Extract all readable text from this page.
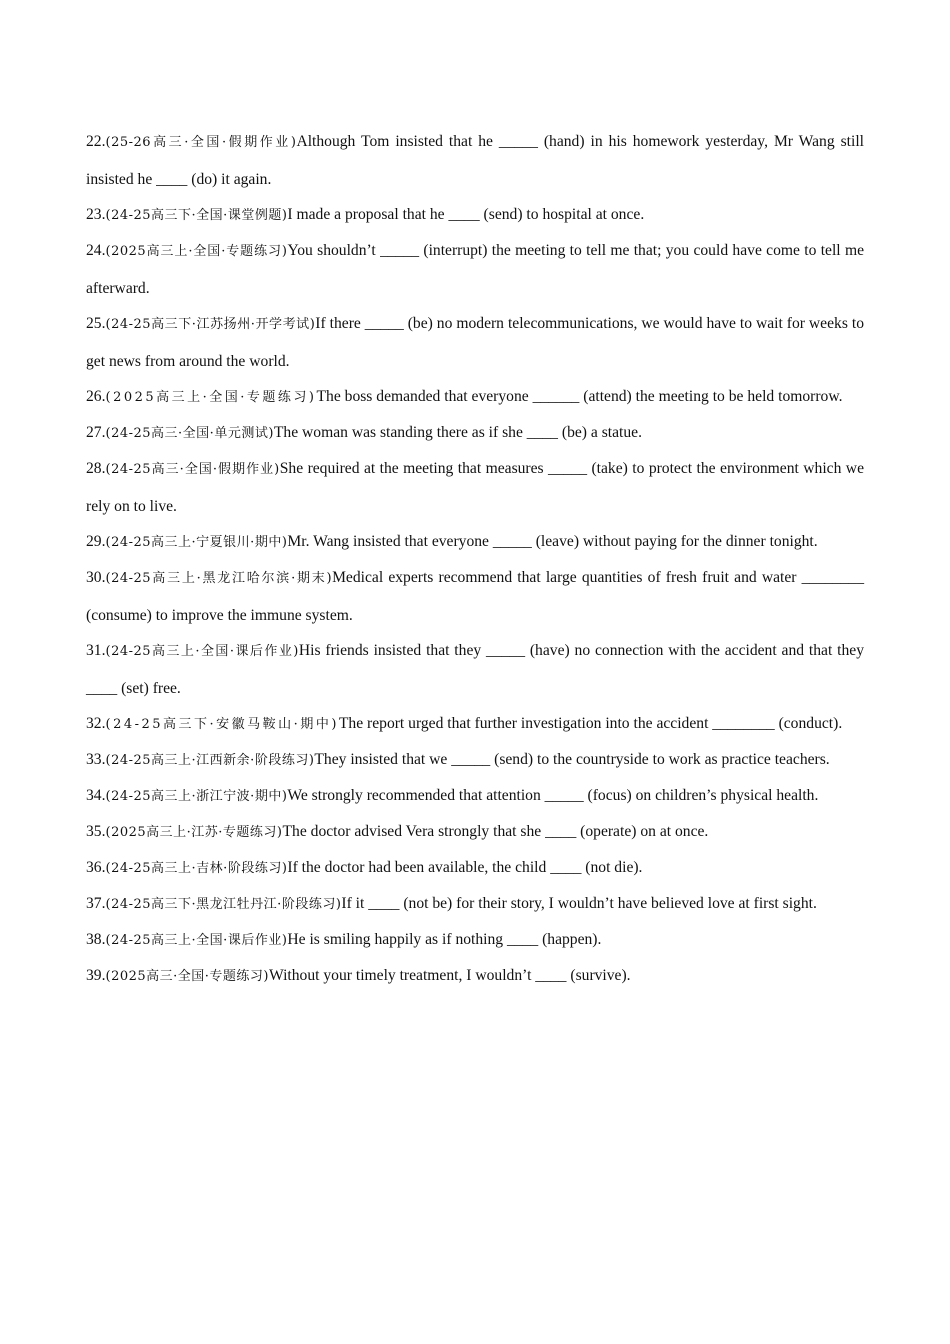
22.(25-26高三·全国·假期作业)Although Tom insisted that he _____ (hand) in his homework yesterday, Mr Wang still insisted he ____ (do) it again.

23.(24-25高三下·全国·课堂例题)I made a proposal that he ____ (send) to hospital at once.

24.(2025高三上·全国·专题练习)You shouldn’t _____ (interrupt) the meeting to tell me that; you could have come to tell me afterward.

25.(24-25高三下·江苏扬州·开学考试)If there _____ (be) no modern telecommunications, we would have to wait for weeks to get news from around the world.

26.(2025高三上·全国·专题练习)The boss demanded that everyone ______ (attend) the meeting to be held tomorrow.

27.(24-25高三·全国·单元测试)The woman was standing there as if she ____ (be) a statue.

28.(24-25高三·全国·假期作业)She required at the meeting that measures _____ (take) to protect the environment which we rely on to live.

29.(24-25高三上·宁夏银川·期中)Mr. Wang insisted that everyone _____ (leave) without paying for the dinner tonight.

30.(24-25高三上·黑龙江哈尔滨·期末)Medical experts recommend that large quantities of fresh fruit and water ________ (consume) to improve the immune system.

31.(24-25高三上·全国·课后作业)His friends insisted that they _____ (have) no connection with the accident and that they ____ (set) free.

32.(24-25高三下·安徽马鞍山·期中)The report urged that further investigation into the accident ________ (conduct).

33.(24-25高三上·江西新余·阶段练习)They insisted that we _____ (send) to the countryside to work as practice teachers.

34.(24-25高三上·浙江宁波·期中)We strongly recommended that attention _____ (focus) on children’s physical health.

35.(2025高三上·江苏·专题练习)The doctor advised Vera strongly that she ____ (operate) on at once.

36.(24-25高三上·吉林·阶段练习)If the doctor had been available, the child ____ (not die).

37.(24-25高三下·黑龙江牡丹江·阶段练习)If it ____ (not be) for their story, I wouldn’t have believed love at first sight.

38.(24-25高三上·全国·课后作业)He is smiling happily as if nothing ____ (happen).

39.(2025高三·全国·专题练习)Without your timely treatment, I wouldn’t ____ (survive).
